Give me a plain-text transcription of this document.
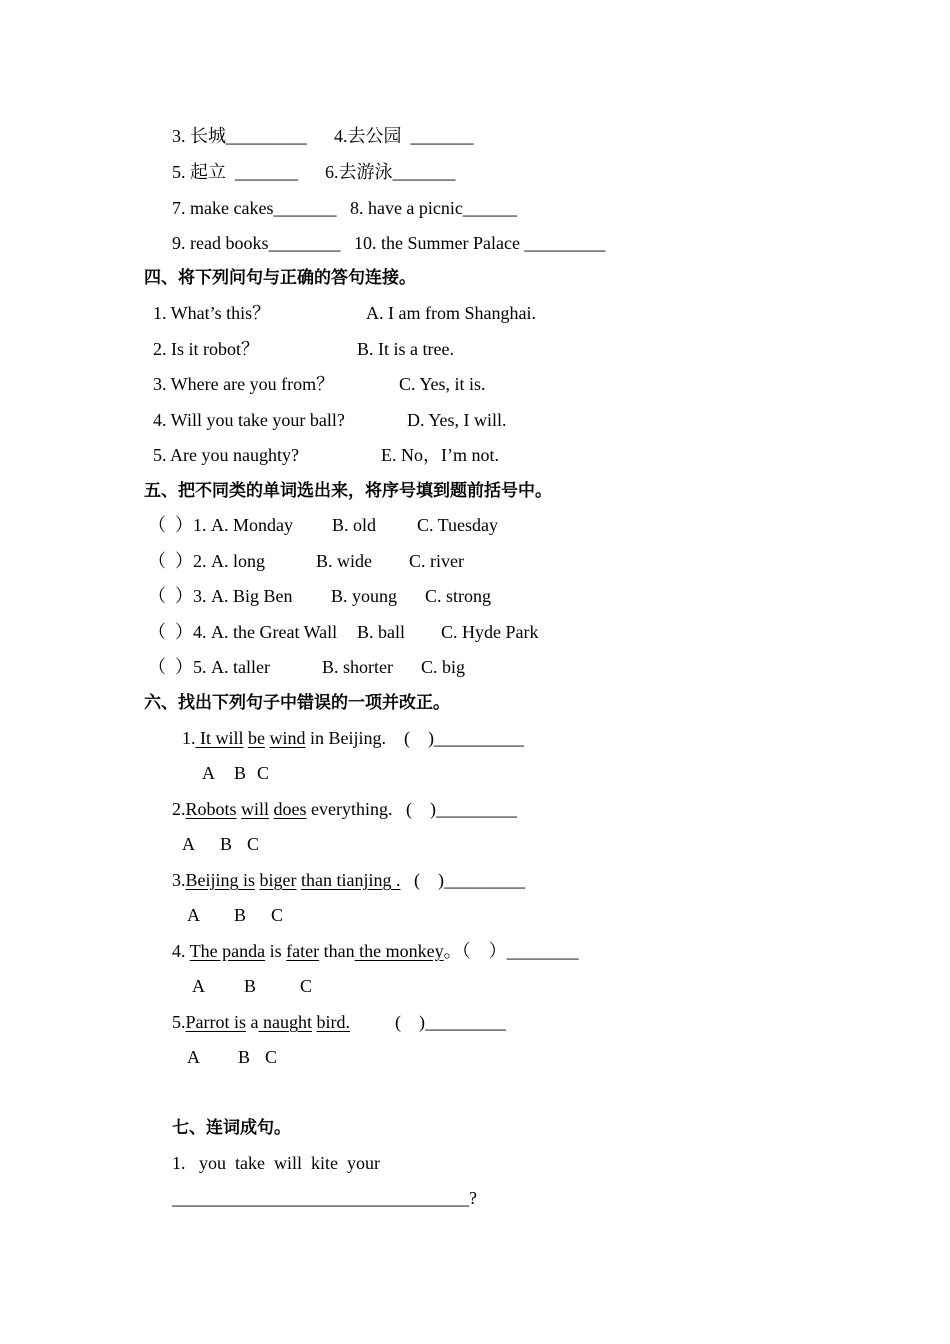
3. 长城_________      4.去公园  _______
5. 起立  _______      6.去游泳_______
7. make cakes_______   8. have a picnic______
9. read books________   10. the Summer Palace _________
四、将下列问句与正确的答句连接。
1. What’s this？	A. I am from Shanghai.
2. Is it robot？	B. It is a tree.
3. Where are you from？	C. Yes, it is.
4. Will you take your ball?	D. Yes, I will.
5. Are you naughty?	E. No，I’m not.
五、把不同类的单词选出来，将序号填到题前括号中。
（  ）1. A. Monday B. old C. Tuesday
（  ）2. A. long	B. wide C. river
（  ）3. A. Big Ben B. young C. strong
（  ）4. A. the Great Wall B. ball C. Hyde Park
（  ）5. A. taller	B. shorter C. big
六、找出下列句子中错误的一项并改正。
1. It will be wind in Beijing.    (    )__________
A B C
2.Robots will does everything.   (    )_________
A B C
3.Beijing is biger than tianjing .   (    )_________
A B C
4. The panda is fater than the monkey。（    ）________
A B C
5.Parrot is a naught bird.          (    )_________
A B C
七、连词成句。
1.   you  take  will  kite  your
_________________________________?
